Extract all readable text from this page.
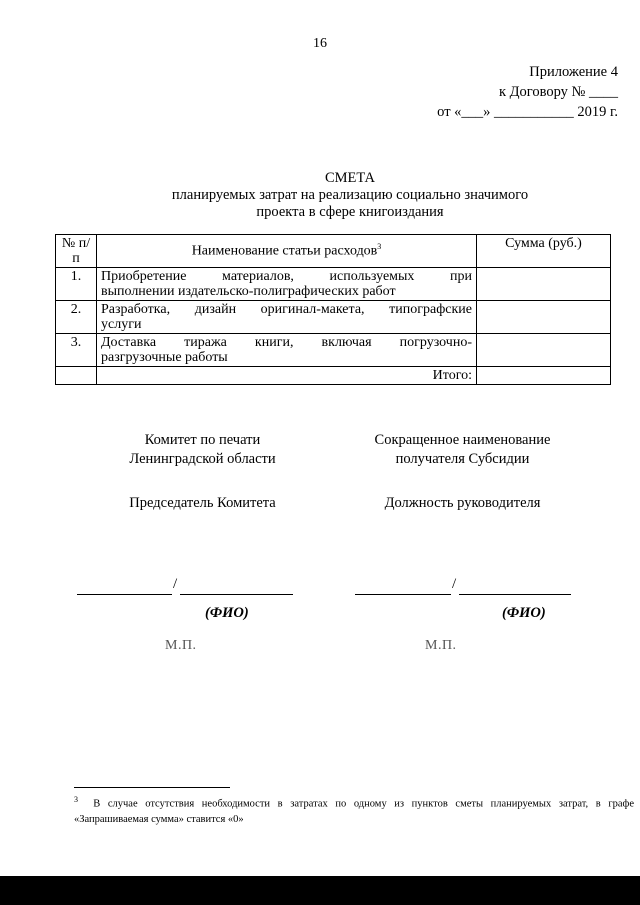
16
Приложение 4
к Договору № ____
от «___» ___________ 2019 г.
СМЕТА
планируемых затрат на реализацию социально значимого
проекта в сфере книгоиздания
№ п/п	Наименование статьи расходов$^3$	Сумма (руб.)
1.	Приобретение материалов, используемых при
выполнении издательско-полиграфических работ	

2.	Разработка, дизайн оригинал-макета, типографские
услуги	

3.	Доставка тиража книги, включая погрузочно-
разгрузочные работы	

	Итого:	
Комитет по печати
Ленинградской области
Председатель Комитета
/
(ФИО)
М.П.
Сокращенное наименование
получателя Субсидии
Должность руководителя
/
(ФИО)
М.П.
$^3$ В случае отсутствия необходимости в затратах по одному из пунктов сметы планируемых затрат, в графе
«Запрашиваемая сумма» ставится «0»
